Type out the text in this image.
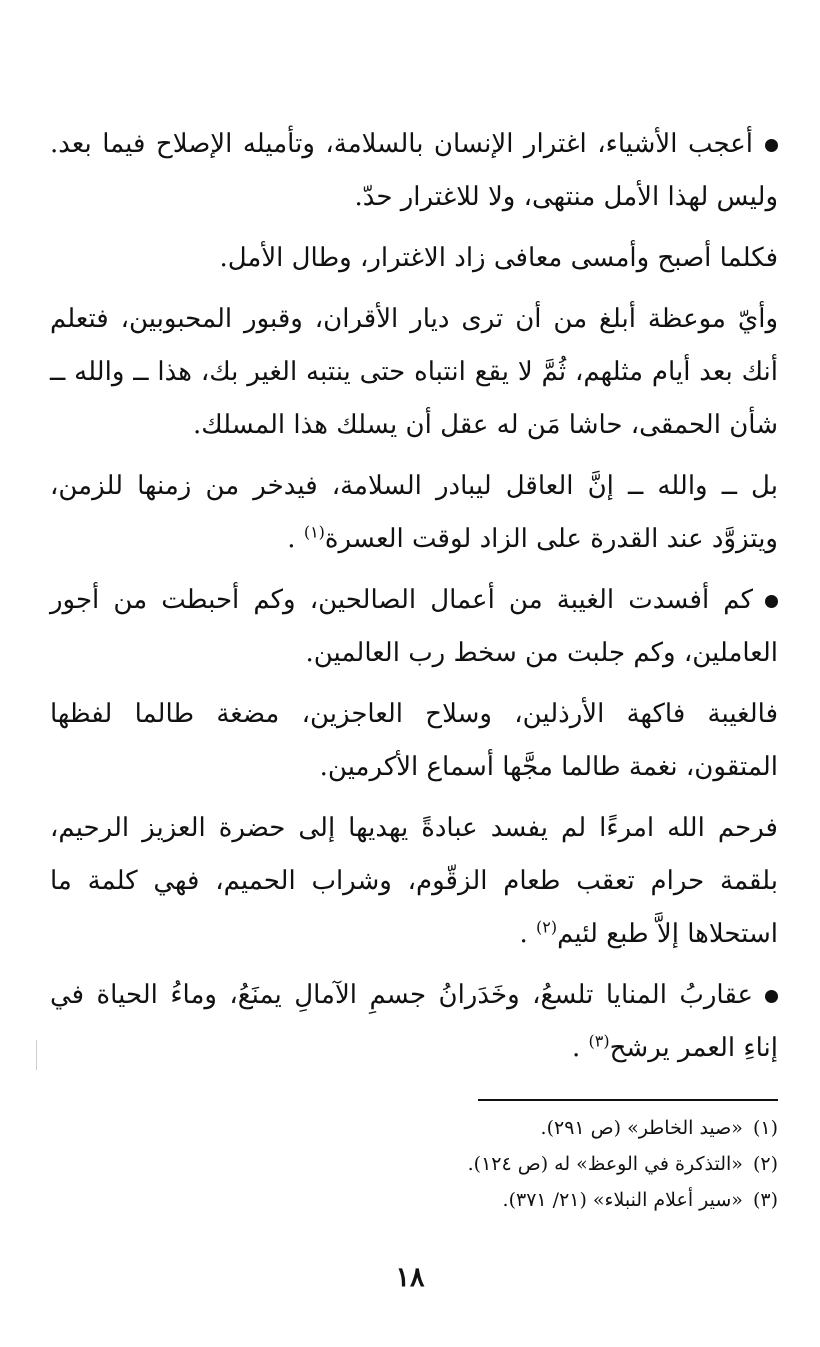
أعجب الأشياء، اغترار الإنسان بالسلامة، وتأميله الإصلاح فيما بعد. وليس لهذا الأمل منتهى، ولا للاغترار حدّ.

فكلما أصبح وأمسى معافى زاد الاغترار، وطال الأمل.

وأيّ موعظة أبلغ من أن ترى ديار الأقران، وقبور المحبوبين، فتعلم أنك بعد أيام مثلهم، ثُمَّ لا يقع انتباه حتى ينتبه الغير بك، هذا ــ والله ــ شأن الحمقى، حاشا مَن له عقل أن يسلك هذا المسلك.

بل ــ والله ــ إنَّ العاقل ليبادر السلامة، فيدخر من زمنها للزمن، ويتزوَّد عند القدرة على الزاد لوقت العسرة$^{(١)}$ .

كم أفسدت الغيبة من أعمال الصالحين، وكم أحبطت من أجور العاملين، وكم جلبت من سخط رب العالمين.

فالغيبة فاكهة الأرذلين، وسلاح العاجزين، مضغة طالما لفظها المتقون، نغمة طالما مجَّها أسماع الأكرمين.

فرحم الله امرءًا لم يفسد عبادةً يهديها إلى حضرة العزيز الرحيم، بلقمة حرام تعقب طعام الزقّوم، وشراب الحميم، فهي كلمة ما استحلاها إلاَّ طبع لئيم$^{(٢)}$ .

عقاربُ المنايا تلسعُ، وخَدَرانُ جسمِ الآمالِ يمنَعُ، وماءُ الحياة في إناءِ العمر يرشح$^{(٣)}$ .

(١)«صيد الخاطر» (ص ٢٩١).
(٢)«التذكرة في الوعظ» له (ص ١٢٤).
(٣)«سير أعلام النبلاء» (٢١/ ٣٧١).
١٨
